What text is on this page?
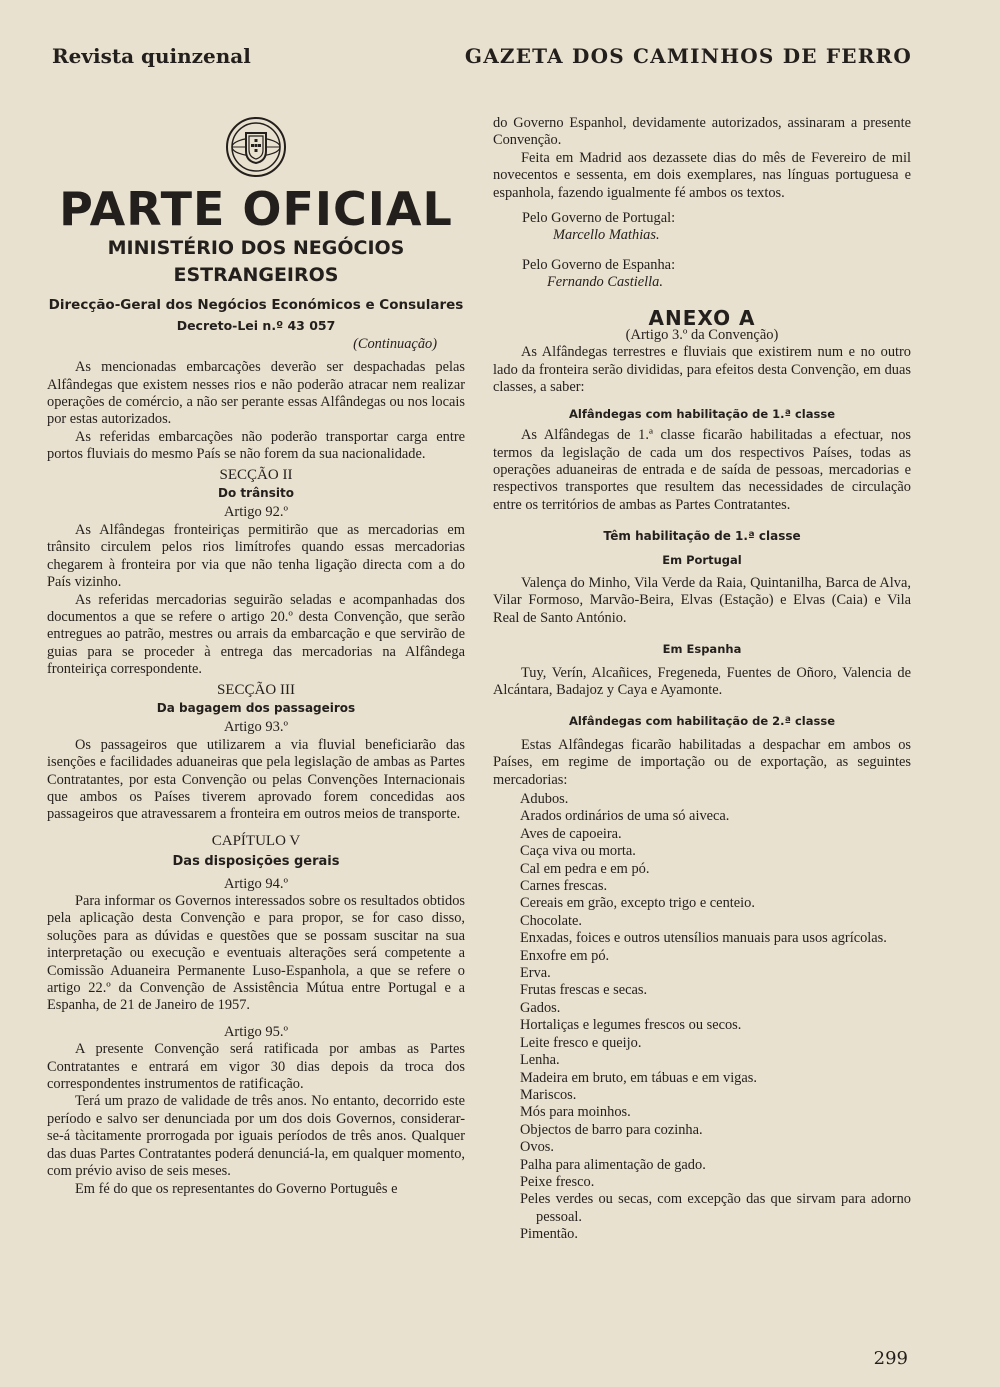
Revista quinzenal	GAZETA DOS CAMINHOS DE FERRO
PARTE OFICIAL
MINISTÉRIO DOS NEGÓCIOS
ESTRANGEIROS
Direcção-Geral dos Negócios Económicos e Consulares
Decreto-Lei n.º 43 057
(Continuação)

As mencionadas embarcações deverão ser despachadas pelas Alfândegas que existem nesses rios e não poderão atracar nem realizar operações de comércio, a não ser perante essas Alfândegas ou nos locais por estas autorizados.

As referidas embarcações não poderão transportar carga entre portos fluviais do mesmo País se não forem da sua nacionalidade.

SECÇÃO II
Do trânsito
Artigo 92.º

As Alfândegas fronteiriças permitirão que as mercadorias em trânsito circulem pelos rios limítrofes quando essas mercadorias chegarem à fronteira por via que não tenha ligação directa com a do País vizinho.

As referidas mercadorias seguirão seladas e acompanhadas dos documentos a que se refere o artigo 20.º desta Convenção, que serão entregues ao patrão, mestres ou arrais da embarcação e que servirão de guias para se proceder à entrega das mercadorias na Alfândega fronteiriça correspondente.

SECÇÃO III
Da bagagem dos passageiros
Artigo 93.º

Os passageiros que utilizarem a via fluvial beneficiarão das isenções e facilidades aduaneiras que pela legislação de ambas as Partes Contratantes, por esta Convenção ou pelas Convenções Internacionais que ambos os Países tiverem aprovado forem concedidas aos passageiros que atravessarem a fronteira em outros meios de transporte.

CAPÍTULO V
Das disposições gerais
Artigo 94.º

Para informar os Governos interessados sobre os resultados obtidos pela aplicação desta Convenção e para propor, se for caso disso, soluções para as dúvidas e questões que se possam suscitar na sua interpretação ou execução e eventuais alterações será competente a Comissão Aduaneira Permanente Luso-Espanhola, a que se refere o artigo 22.º da Convenção de Assistência Mútua entre Portugal e a Espanha, de 21 de Janeiro de 1957.

Artigo 95.º

A presente Convenção será ratificada por ambas as Partes Contratantes e entrará em vigor 30 dias depois da troca dos correspondentes instrumentos de ratificação.

Terá um prazo de validade de três anos. No entanto, decorrido este período e salvo ser denunciada por um dos dois Governos, considerar-se-á tàcitamente prorrogada por iguais períodos de três anos. Qualquer das duas Partes Contratantes poderá denunciá-la, em qualquer momento, com prévio aviso de seis meses.

Em fé do que os representantes do Governo Português e

do Governo Espanhol, devidamente autorizados, assinaram a presente Convenção.

Feita em Madrid aos dezassete dias do mês de Fevereiro de mil novecentos e sessenta, em dois exemplares, nas línguas portuguesa e espanhola, fazendo igualmente fé ambos os textos.

Pelo Governo de Portugal:
Marcello Mathias.
Pelo Governo de Espanha:
Fernando Castiella.
ANEXO A
(Artigo 3.º da Convenção)

As Alfândegas terrestres e fluviais que existirem num e no outro lado da fronteira serão divididas, para efeitos desta Convenção, em duas classes, a saber:

Alfândegas com habilitação de 1.ª classe

As Alfândegas de 1.ª classe ficarão habilitadas a efectuar, nos termos da legislação de cada um dos respectivos Países, todas as operações aduaneiras de entrada e de saída de pessoas, mercadorias e respectivos transportes que resultem das necessidades de circulação entre os territórios de ambas as Partes Contratantes.

Têm habilitação de 1.ª classe
Em Portugal

Valença do Minho, Vila Verde da Raia, Quintanilha, Barca de Alva, Vilar Formoso, Marvão-Beira, Elvas (Estação) e Elvas (Caia) e Vila Real de Santo António.

Em Espanha

Tuy, Verín, Alcañices, Fregeneda, Fuentes de Oñoro, Valencia de Alcántara, Badajoz y Caya e Ayamonte.

Alfândegas com habilitação de 2.ª classe

Estas Alfândegas ficarão habilitadas a despachar em ambos os Países, em regime de importação ou de exportação, as seguintes mercadorias:

Adubos.
Arados ordinários de uma só aiveca.
Aves de capoeira.
Caça viva ou morta.
Cal em pedra e em pó.
Carnes frescas.
Cereais em grão, excepto trigo e centeio.
Chocolate.
Enxadas, foices e outros utensílios manuais para usos agrícolas.
Enxofre em pó.
Erva.
Frutas frescas e secas.
Gados.
Hortaliças e legumes frescos ou secos.
Leite fresco e queijo.
Lenha.
Madeira em bruto, em tábuas e em vigas.
Mariscos.
Mós para moinhos.
Objectos de barro para cozinha.
Ovos.
Palha para alimentação de gado.
Peixe fresco.
Peles verdes ou secas, com excepção das que sirvam para adorno pessoal.
Pimentão.
299
